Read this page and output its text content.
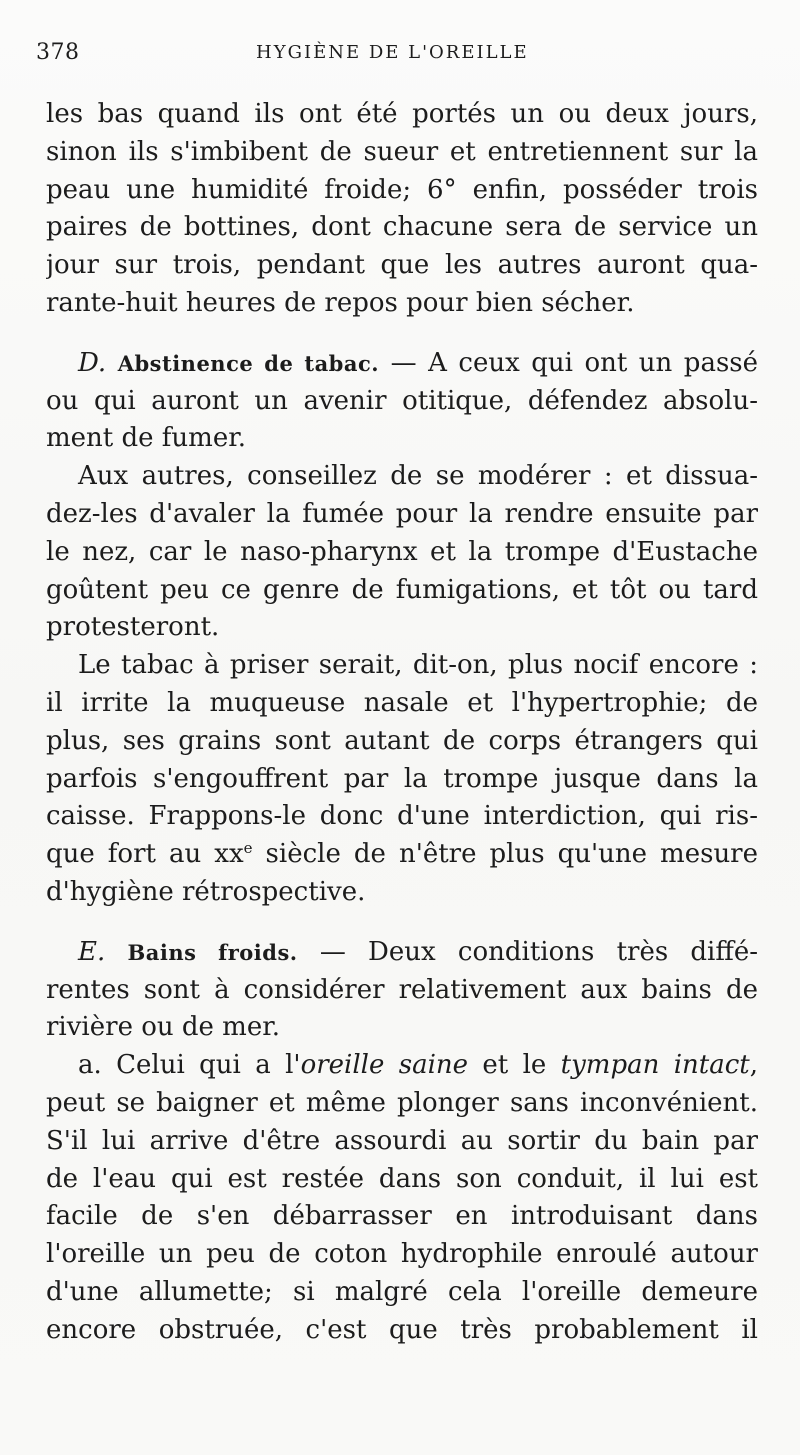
378	HYGIÈNE DE L'OREILLE
les bas quand ils ont été portés un ou deux jours,
sinon ils s'imbibent de sueur et entretiennent sur la
peau une humidité froide; 6° enfin, posséder trois
paires de bottines, dont chacune sera de service un
jour sur trois, pendant que les autres auront qua-
rante-huit heures de repos pour bien sécher.
D. Abstinence de tabac. — A ceux qui ont un passé
ou qui auront un avenir otitique, défendez absolu-
ment de fumer.
Aux autres, conseillez de se modérer : et dissua-
dez-les d'avaler la fumée pour la rendre ensuite par
le nez, car le naso-pharynx et la trompe d'Eustache
goûtent peu ce genre de fumigations, et tôt ou tard
protesteront.
Le tabac à priser serait, dit-on, plus nocif encore :
il irrite la muqueuse nasale et l'hypertrophie; de
plus, ses grains sont autant de corps étrangers qui
parfois s'engouffrent par la trompe jusque dans la
caisse. Frappons-le donc d'une interdiction, qui ris-
que fort au $xx^e$ siècle de n'être plus qu'une mesure
d'hygiène rétrospective.
E. Bains froids. — Deux conditions très diffé-
rentes sont à considérer relativement aux bains de
rivière ou de mer.
a. Celui qui a l'oreille saine et le tympan intact,
peut se baigner et même plonger sans inconvénient.
S'il lui arrive d'être assourdi au sortir du bain par
de l'eau qui est restée dans son conduit, il lui est
facile de s'en débarrasser en introduisant dans
l'oreille un peu de coton hydrophile enroulé autour
d'une allumette; si malgré cela l'oreille demeure
encore obstruée, c'est que très probablement il
